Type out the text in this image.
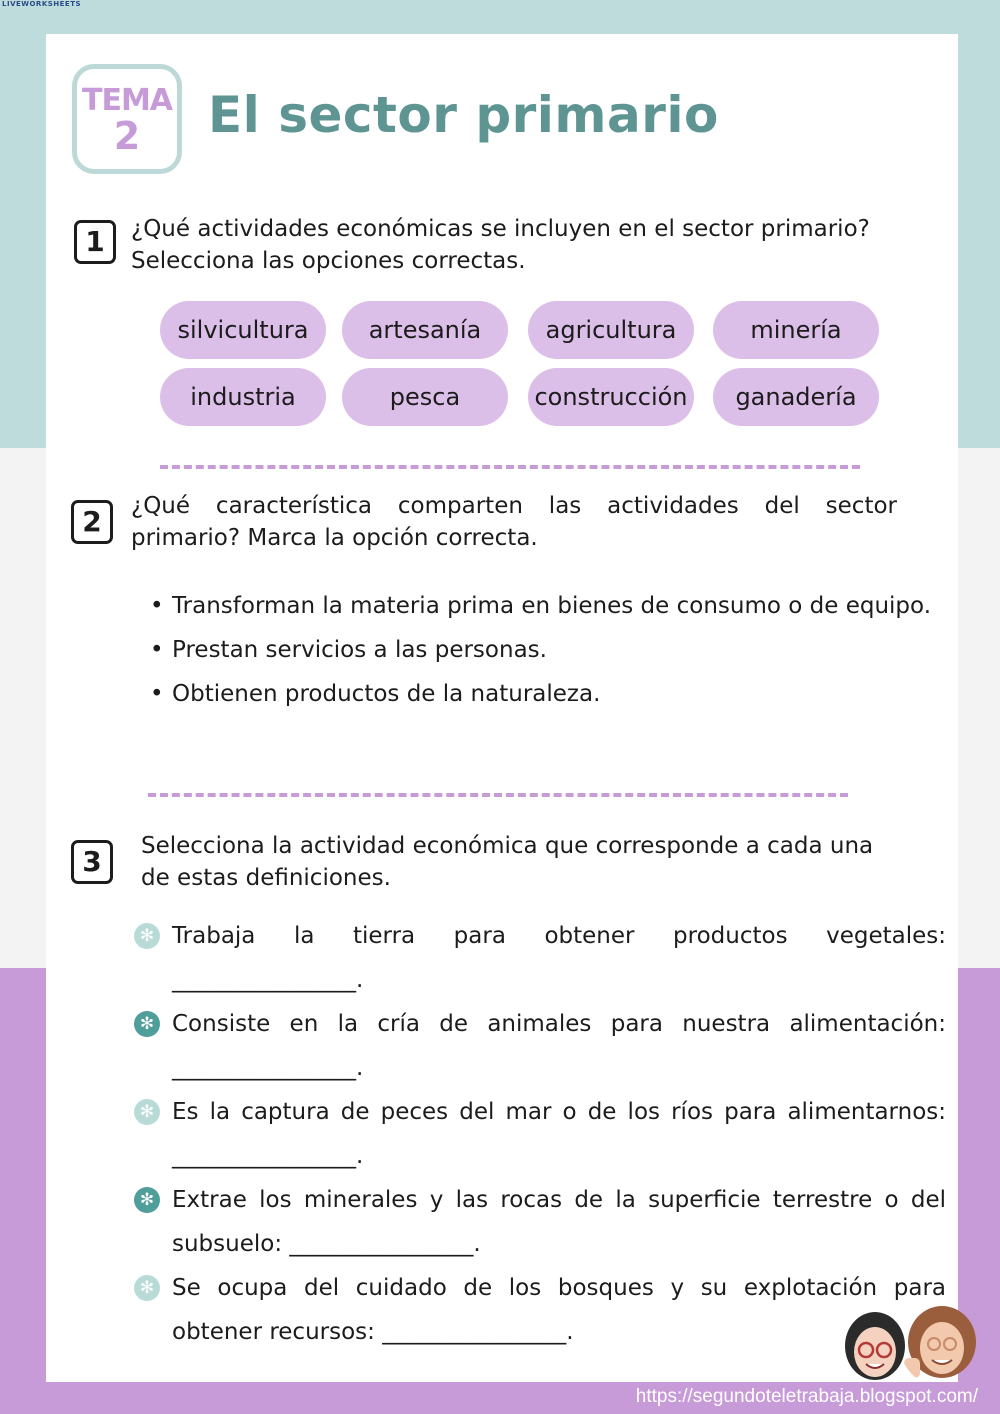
LIVEWORKSHEETS
TEMA
2	El sector primario
1	¿Qué actividades económicas se incluyen en el sector primario?
Selecciona las opciones correctas.

silvicultura	artesanía	agricultura	minería
industria	pesca	construcción	ganadería
2	¿Qué característica comparten las actividades del sector
primario? Marca la opción correcta.

• Transforman la materia prima en bienes de consumo o de equipo.
• Prestan servicios a las personas.
• Obtienen productos de la naturaleza.
3	Selecciona la actividad económica que corresponde a cada una
de estas definiciones.

✻ Trabaja la tierra para obtener productos vegetales: ________________.
✻ Consiste en la cría de animales para nuestra alimentación: ________________.
✻ Es la captura de peces del mar o de los ríos para alimentarnos: ________________.
✻ Extrae los minerales y las rocas de la superficie terrestre o del subsuelo: ________________.
✻ Se ocupa del cuidado de los bosques y su explotación para obtener recursos: ________________.
https://segundoteletrabaja.blogspot.com/
